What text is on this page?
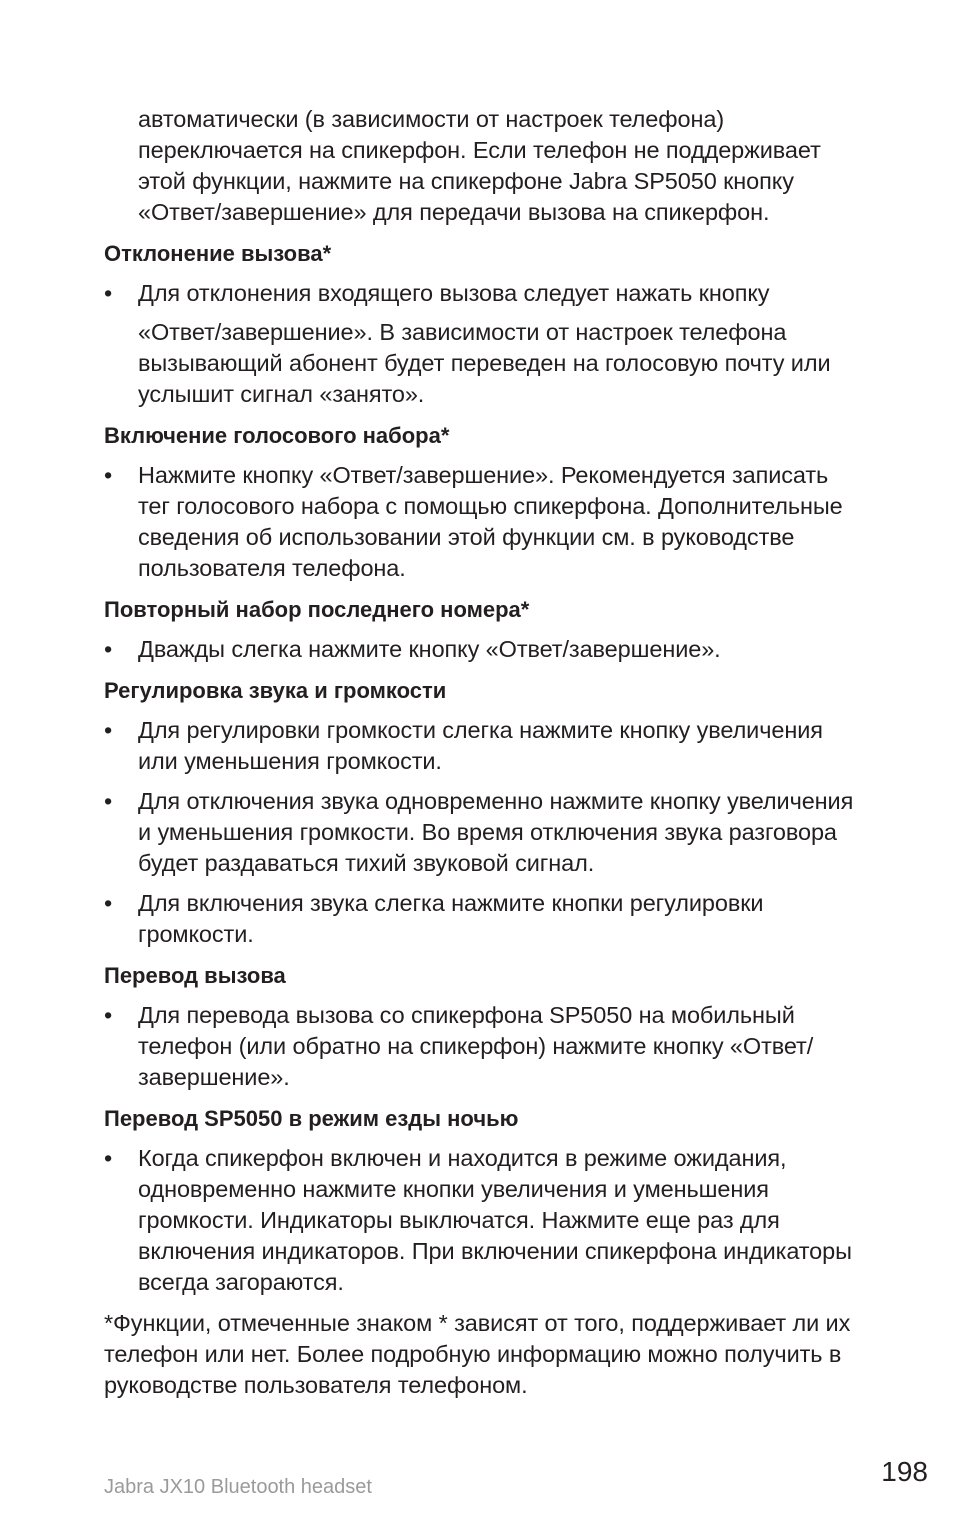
автоматически (в зависимости от настроек телефона) переключается на спикерфон. Если телефон не поддерживает этой функции, нажмите на спикерфоне Jabra SP5050 кнопку «Ответ/завершение» для передачи вызова на спикерфон.

Отклонение вызова*

•	Для отклонения входящего вызова следует нажать кнопку

«Ответ/завершение». В зависимости от настроек телефона вызывающий абонент будет переведен на голосовую почту или услышит сигнал «занято».

Включение голосового набора*

•	Нажмите кнопку «Ответ/завершение». Рекомендуется записать тег голосового набора с помощью спикерфона. Дополнительные сведения об использовании этой функции см. в руководстве пользователя телефона.

Повторный набор последнего номера*

•	Дважды слегка нажмите кнопку «Ответ/завершение».

Регулировка звука и громкости

•	Для регулировки громкости слегка нажмите кнопку увеличения или уменьшения громкости.
•	Для отключения звука одновременно нажмите кнопку увеличения и уменьшения громкости. Во время отключения звука разговора будет раздаваться тихий звуковой сигнал.
•	Для включения звука слегка нажмите кнопки регулировки громкости.

Перевод вызова

•	Для перевода вызова со спикерфона SP5050 на мобильный телефон (или обратно на спикерфон) нажмите кнопку «Ответ/завершение».

Перевод SP5050 в режим езды ночью

•	Когда спикерфон включен и находится в режиме ожидания, одновременно нажмите кнопки увеличения и уменьшения громкости. Индикаторы выключатся. Нажмите еще раз для включения индикаторов. При включении спикерфона индикаторы всегда загораются.

*Функции, отмеченные знаком * зависят от того, поддерживает ли их телефон или нет. Более подробную информацию можно получить в руководстве пользователя телефоном.

Jabra JX10 Bluetooth headset	198
